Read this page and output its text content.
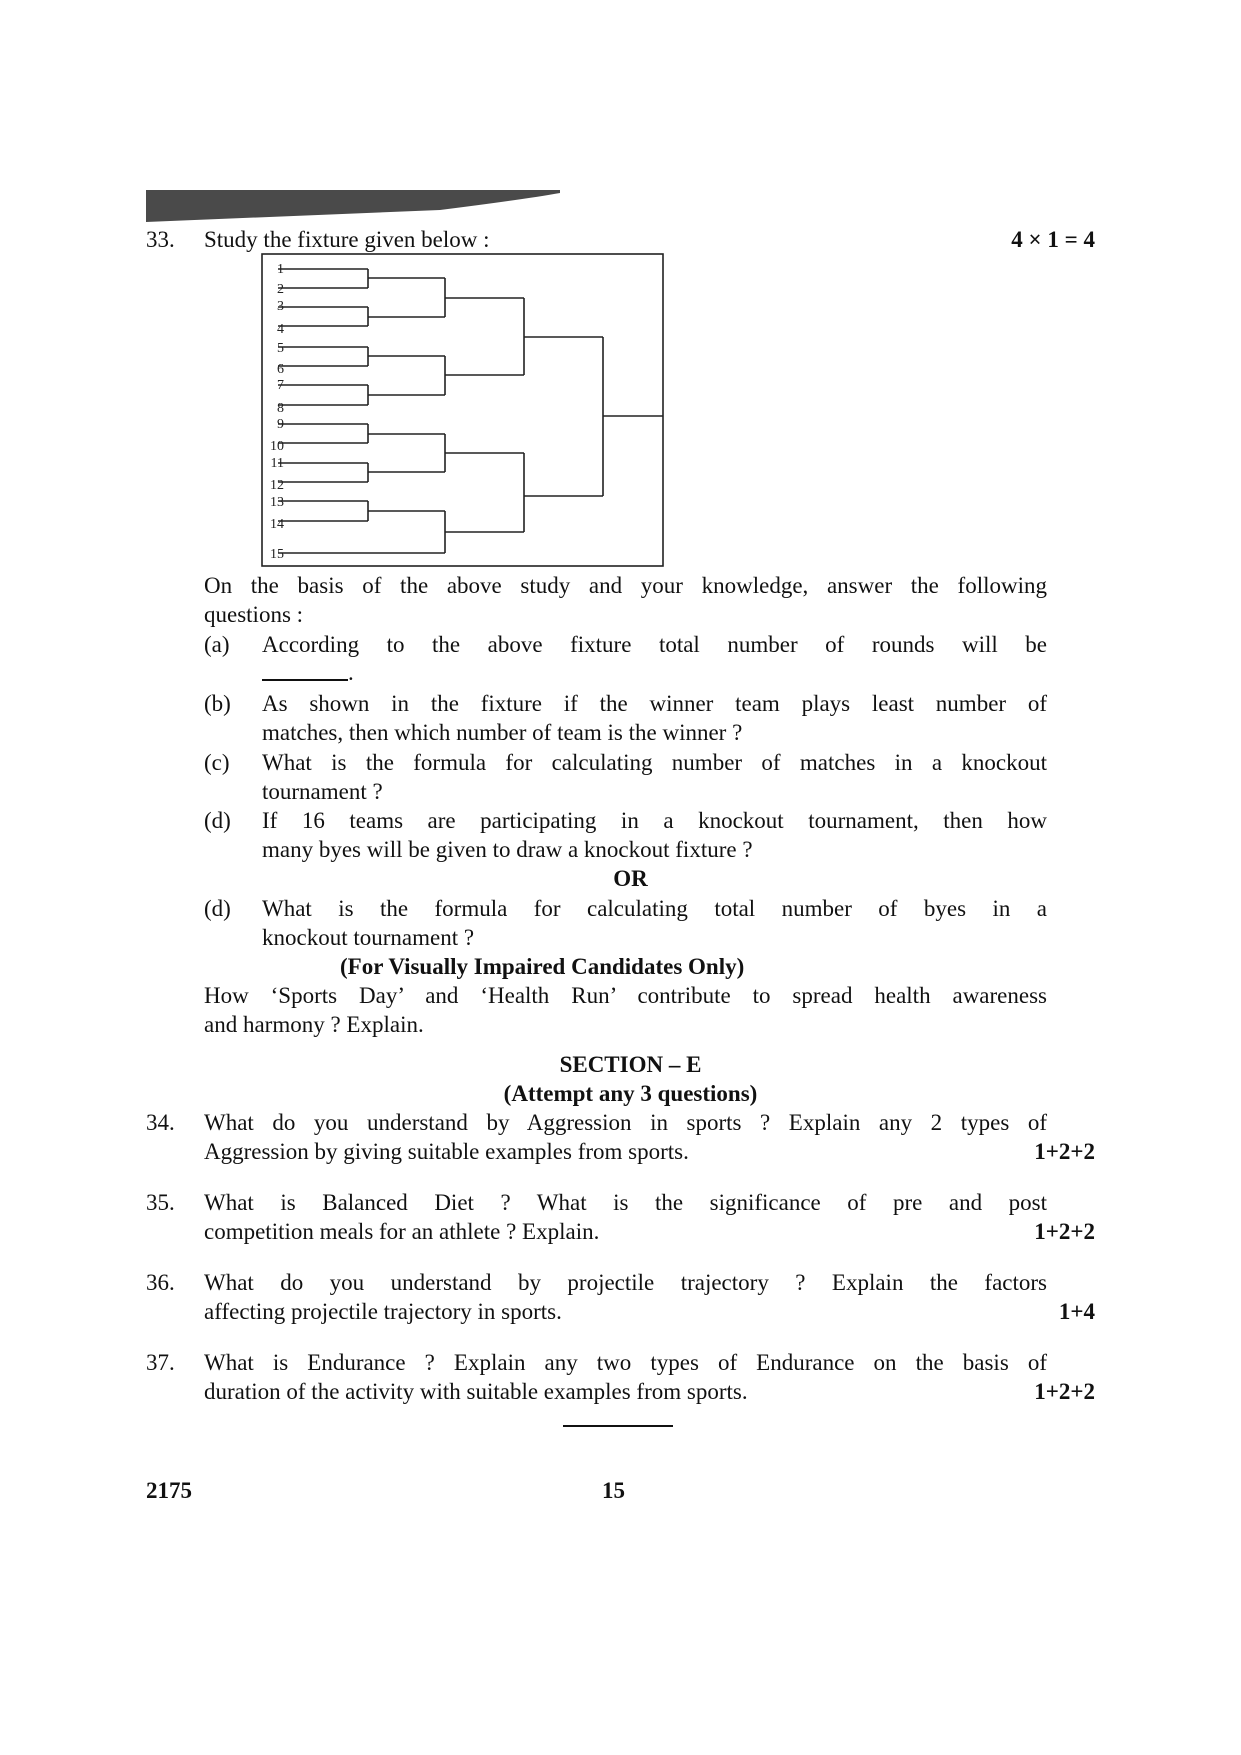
33. Study the fixture given below :	4 × 1 = 4
1
2
3
4
5
6
7
8
9
10
11
12
13
14
15
On the basis of the above study and your knowledge, answer the following
questions :
(a) According to the above fixture total number of rounds will be
.
(b) As shown in the fixture if the winner team plays least number of
matches, then which number of team is the winner ?
(c) What is the formula for calculating number of matches in a knockout
tournament ?
(d) If 16 teams are participating in a knockout tournament, then how
many byes will be given to draw a knockout fixture ?
OR
(d) What is the formula for calculating total number of byes in a
knockout tournament ?
(For Visually Impaired Candidates Only)
How ‘Sports Day’ and ‘Health Run’ contribute to spread health awareness
and harmony ? Explain.
SECTION – E
(Attempt any 3 questions)
34. What do you understand by Aggression in sports ? Explain any 2 types of
Aggression by giving suitable examples from sports.	1+2+2
35. What is Balanced Diet ? What is the significance of pre and post
competition meals for an athlete ? Explain.	1+2+2
36. What do you understand by projectile trajectory ? Explain the factors
affecting projectile trajectory in sports.	1+4
37. What is Endurance ? Explain any two types of Endurance on the basis of
duration of the activity with suitable examples from sports.	1+2+2
2175	15
